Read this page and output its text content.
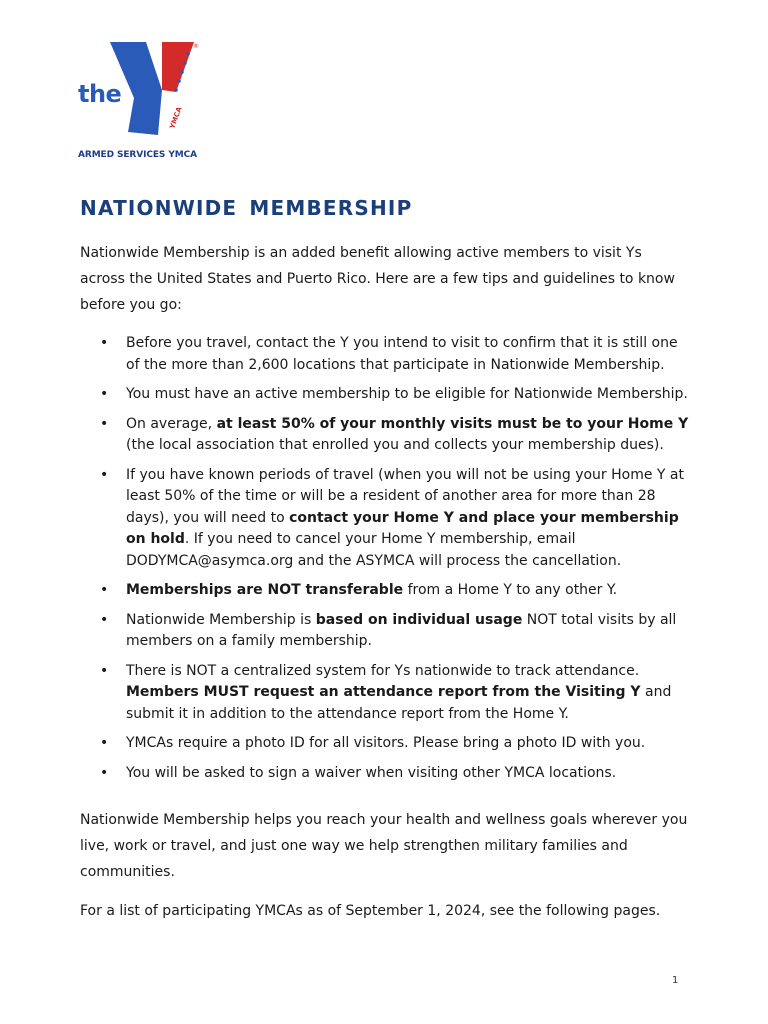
®
YMCA
the
ARMED SERVICES YMCA
NATIONWIDE MEMBERSHIP

Nationwide Membership is an added benefit allowing active members to visit Ys across the United States and Puerto Rico. Here are a few tips and guidelines to know before you go:

• Before you travel, contact the Y you intend to visit to confirm that it is still one of the more than 2,600 locations that participate in Nationwide Membership.
• You must have an active membership to be eligible for Nationwide Membership.
• On average, at least 50% of your monthly visits must be to your Home Y (the local association that enrolled you and collects your membership dues).
• If you have known periods of travel (when you will not be using your Home Y at least 50% of the time or will be a resident of another area for more than 28 days), you will need to contact your Home Y and place your membership on hold. If you need to cancel your Home Y membership, email DODYMCA@asymca.org and the ASYMCA will process the cancellation.
• Memberships are NOT transferable from a Home Y to any other Y.
• Nationwide Membership is based on individual usage NOT total visits by all members on a family membership.
• There is NOT a centralized system for Ys nationwide to track attendance. Members MUST request an attendance report from the Visiting Y and submit it in addition to the attendance report from the Home Y.
• YMCAs require a photo ID for all visitors. Please bring a photo ID with you.
• You will be asked to sign a waiver when visiting other YMCA locations.

Nationwide Membership helps you reach your health and wellness goals wherever you live, work or travel, and just one way we help strengthen military families and communities.

For a list of participating YMCAs as of September 1, 2024, see the following pages.

1
